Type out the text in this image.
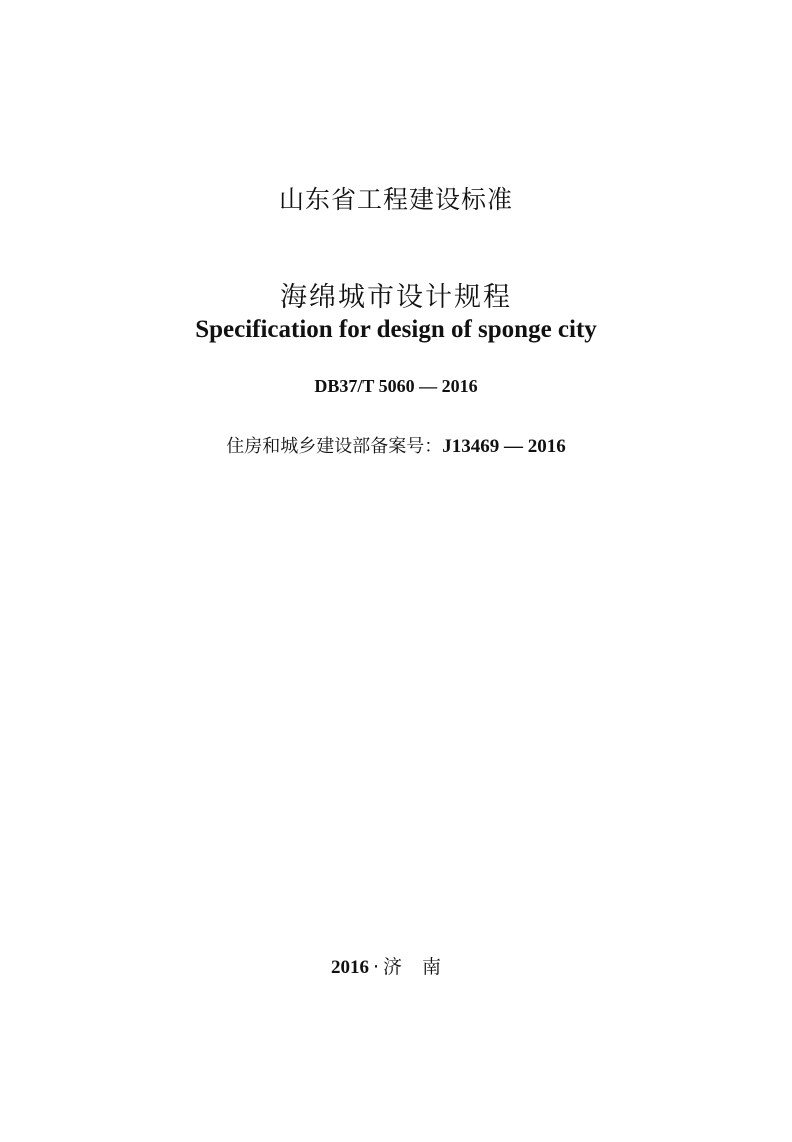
山东省工程建设标准
海绵城市设计规程
Specification for design of sponge city
DB37/T 5060 — 2016
住房和城乡建设部备案号：J13469 — 2016
2016 · 济南
